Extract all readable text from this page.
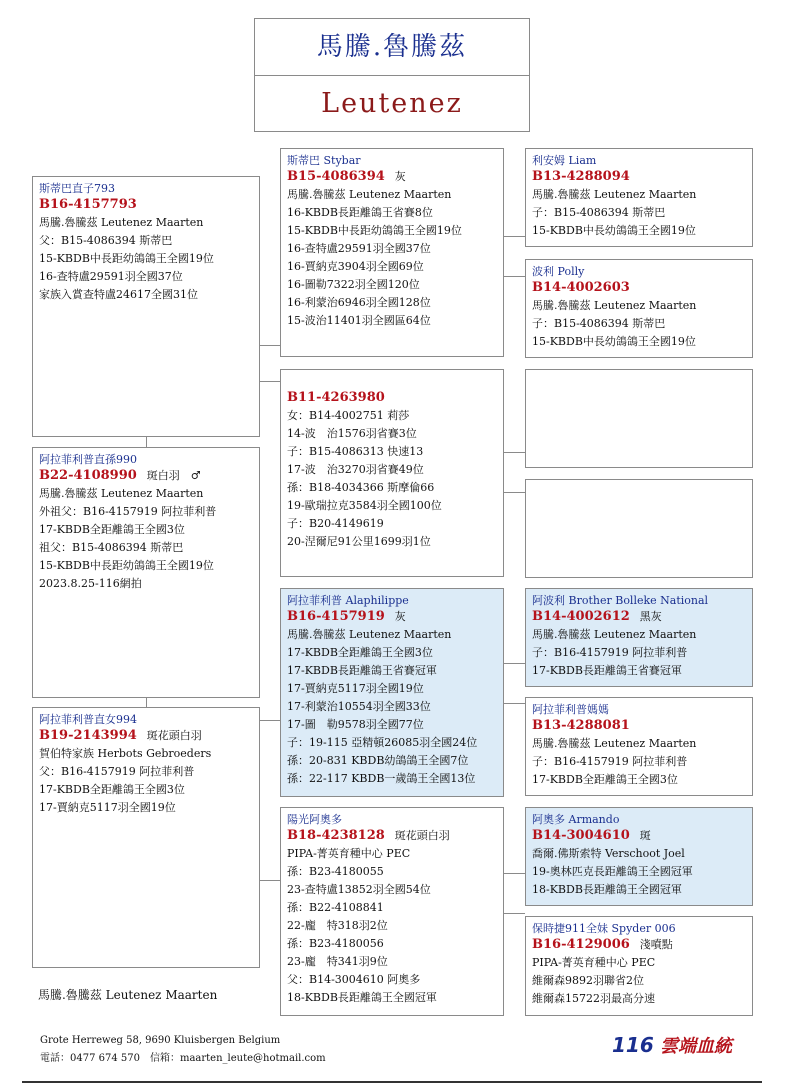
馬騰.魯騰茲
Leutenez
斯蒂巴直子793
B16-4157793
馬騰.魯騰茲 Leutenez Maarten
父：B15-4086394 斯蒂巴
15-KBDB中長距幼鴿鴿王全國19位
16-查特盧29591羽全國37位
家族入賞查特盧24617全國31位
阿拉菲利普直孫990
B22-4108990 斑白羽　♂
馬騰.魯騰茲 Leutenez Maarten
外祖父：B16-4157919 阿拉菲利普
17-KBDB全距離鴿王全國3位
祖父：B15-4086394 斯蒂巴
15-KBDB中長距幼鴿鴿王全國19位
2023.8.25-116網拍
阿拉菲利普直女994
B19-2143994 斑花頭白羽
賀伯特家族 Herbots Gebroeders
父：B16-4157919 阿拉菲利普
17-KBDB全距離鴿王全國3位
17-賈納克5117羽全國19位
斯蒂巴 Stybar
B15-4086394 灰
馬騰.魯騰茲 Leutenez Maarten
16-KBDB長距離鴿王省賽8位
15-KBDB中長距幼鴿鴿王全國19位
16-查特盧29591羽全國37位
16-賈納克3904羽全國69位
16-圖勒7322羽全國120位
16-利蒙治6946羽全國128位
15-波治11401羽全國區64位
B11-4263980
女：B14-4002751 莉莎
14-波　治1576羽省賽3位
子：B15-4086313 快速13
17-波　治3270羽省賽49位
孫：B18-4034366 斯摩倫66
19-歐瑞拉克3584羽全國100位
子：B20-4149619
20-涅爾尼91公里1699羽1位
阿拉菲利普 Alaphilippe
B16-4157919 灰
馬騰.魯騰茲 Leutenez Maarten
17-KBDB全距離鴿王全國3位
17-KBDB長距離鴿王省賽冠軍
17-賈納克5117羽全國19位
17-利蒙治10554羽全國33位
17-圖　勒9578羽全國77位
子：19-115 亞精頓26085羽全國24位
孫：20-831 KBDB幼鴿鴿王全國7位
孫：22-117 KBDB一歲鴿王全國13位
陽光阿奧多
B18-4238128 斑花頭白羽
PIPA-菁英育種中心 PEC
孫：B23-4180055
23-查特盧13852羽全國54位
孫：B22-4108841
22-龐　特318羽2位
孫：B23-4180056
23-龐　特341羽9位
父：B14-3004610 阿奧多
18-KBDB長距離鴿王全國冠軍
利安姆 Liam
B13-4288094
馬騰.魯騰茲 Leutenez Maarten
子：B15-4086394 斯蒂巴
15-KBDB中長幼鴿鴿王全國19位
波利 Polly
B14-4002603
馬騰.魯騰茲 Leutenez Maarten
子：B15-4086394 斯蒂巴
15-KBDB中長幼鴿鴿王全國19位
阿波利 Brother Bolleke National
B14-4002612 黑灰
馬騰.魯騰茲 Leutenez Maarten
子：B16-4157919 阿拉菲利普
17-KBDB長距離鴿王省賽冠軍
阿拉菲利普媽媽
B13-4288081
馬騰.魯騰茲 Leutenez Maarten
子：B16-4157919 阿拉菲利普
17-KBDB全距離鴿王全國3位
阿奧多 Armando
B14-3004610 斑
喬爾.佛斯索特 Verschoot Joel
19-奧林匹克長距離鴿王全國冠軍
18-KBDB長距離鴿王全國冠軍
保時捷911全妹 Spyder 006
B16-4129006 淺噴點
PIPA-菁英育種中心 PEC
維爾森9892羽聯省2位
維爾森15722羽最高分速
馬騰.魯騰茲 Leutenez Maarten
Grote Herreweg 58, 9690 Kluisbergen Belgium
電話：0477 674 570　信箱：maarten_leute@hotmail.com
116 雲端血統
